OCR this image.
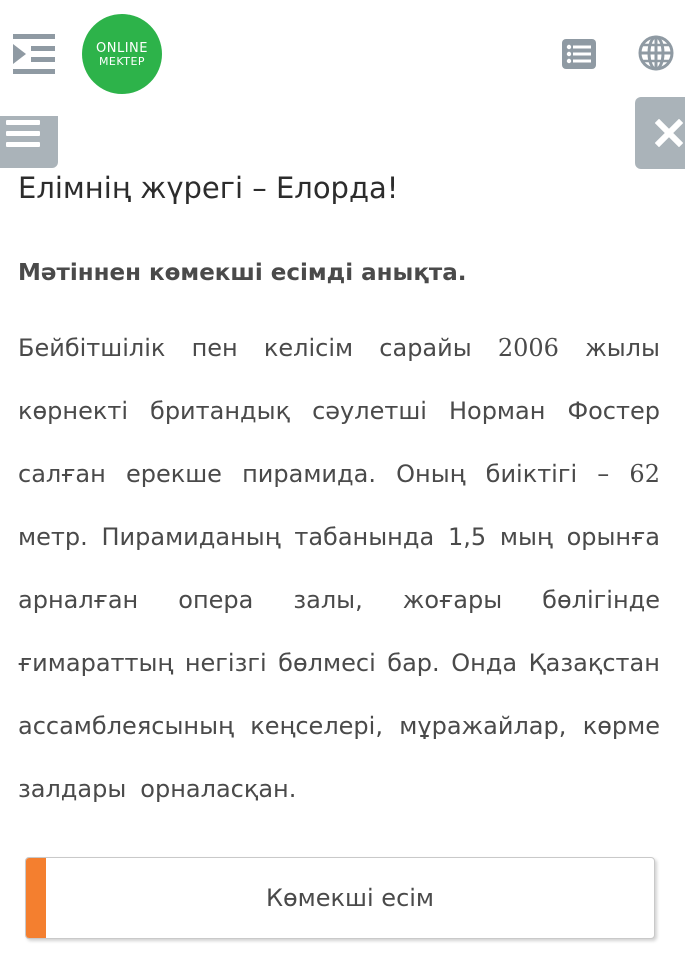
ONLINE
MEKTEP
Елімнің жүрегі – Елорда!

Мәтіннен көмекші есімді анықта.

Бейбітшілік пен келісім сарайы 2006 жылы
көрнекті британдық сәулетші Норман Фостер
салған ерекше пирамида. Оның биіктігі – 62
метр. Пирамиданың табанында 1,5 мың орынға
арналған опера залы, жоғары бөлігінде
ғимараттың негізгі бөлмесі бар. Онда Қазақстан
ассамблеясының кеңселері, мұражайлар, көрме
залдары орналасқан.
Көмекші есім
